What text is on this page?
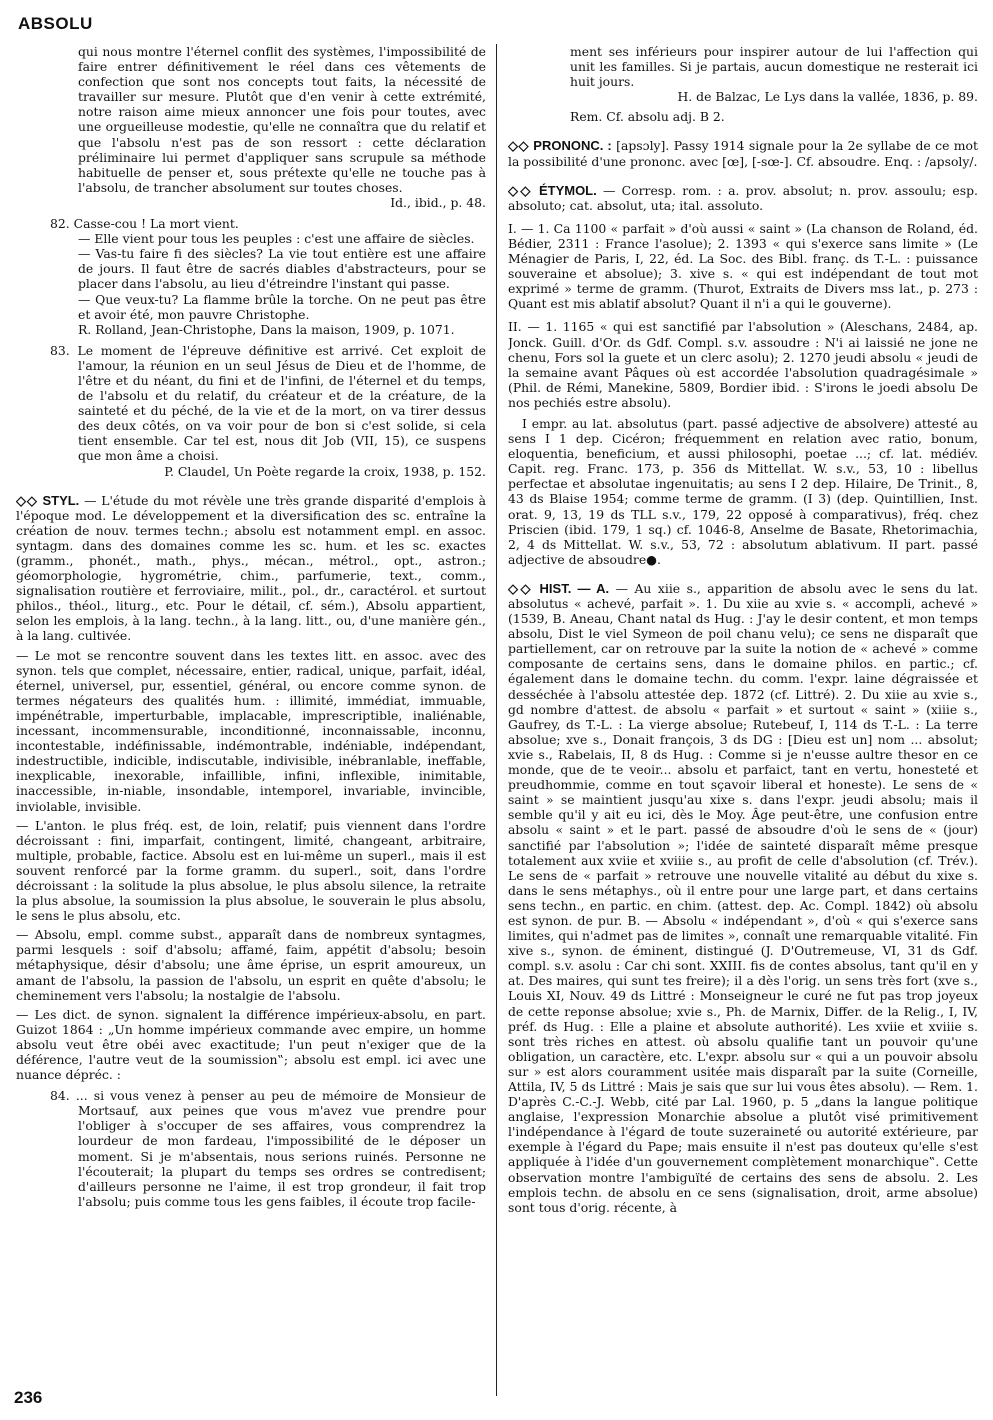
ABSOLU

qui nous montre l'éternel conflit des systèmes, l'impossibilité de faire entrer définitivement le réel dans ces vêtements de confection que sont nos concepts tout faits, la nécessité de travailler sur mesure. Plutôt que d'en venir à cette extrémité, notre raison aime mieux annoncer une fois pour toutes, avec une orgueilleuse modestie, qu'elle ne connaîtra que du relatif et que l'absolu n'est pas de son ressort : cette déclaration préliminaire lui permet d'appliquer sans scrupule sa méthode habituelle de penser et, sous prétexte qu'elle ne touche pas à l'absolu, de trancher absolument sur toutes choses.

Id., ibid., p. 48.

82. Casse-cou ! La mort vient.

— Elle vient pour tous les peuples : c'est une affaire de siècles.

— Vas-tu faire fi des siècles? La vie tout entière est une affaire de jours. Il faut être de sacrés diables d'abstracteurs, pour se placer dans l'absolu, au lieu d'étreindre l'instant qui passe.

— Que veux-tu? La flamme brûle la torche. On ne peut pas être et avoir été, mon pauvre Christophe.

R. Rolland, Jean-Christophe, Dans la maison, 1909, p. 1071.

83. Le moment de l'épreuve définitive est arrivé. Cet exploit de l'amour, la réunion en un seul Jésus de Dieu et de l'homme, de l'être et du néant, du fini et de l'infini, de l'éternel et du temps, de l'absolu et du relatif, du créateur et de la créature, de la sainteté et du péché, de la vie et de la mort, on va tirer dessus des deux côtés, on va voir pour de bon si c'est solide, si cela tient ensemble. Car tel est, nous dit Job (VII, 15), ce suspens que mon âme a choisi.

P. Claudel, Un Poète regarde la croix, 1938, p. 152.

◇◇ STYL. — L'étude du mot révèle une très grande disparité d'emplois à l'époque mod. Le développement et la diversification des sc. entraîne la création de nouv. termes techn.; absolu est notamment empl. en assoc. syntagm. dans des domaines comme les sc. hum. et les sc. exactes (gramm., phonét., math., phys., mécan., métrol., opt., astron.; géomorphologie, hygrométrie, chim., parfumerie, text., comm., signalisation routière et ferroviaire, milit., pol., dr., caractérol. et surtout philos., théol., liturg., etc. Pour le détail, cf. sém.), Absolu appartient, selon les emplois, à la lang. techn., à la lang. litt., ou, d'une manière gén., à la lang. cultivée.

— Le mot se rencontre souvent dans les textes litt. en assoc. avec des synon. tels que complet, nécessaire, entier, radical, unique, parfait, idéal, éternel, universel, pur, essentiel, général, ou encore comme synon. de termes négateurs des qualités hum. : illimité, immédiat, immuable, impénétrable, imperturbable, implacable, imprescriptible, inaliénable, incessant, incommensurable, inconditionné, inconnaissable, inconnu, incontestable, indéfinissable, indémontrable, indéniable, indépendant, indestructible, indicible, indiscutable, indivisible, inébranlable, ineffable, inexplicable, inexorable, infaillible, infini, inflexible, inimitable, inaccessible, in-niable, insondable, intemporel, invariable, invincible, inviolable, invisible.

— L'anton. le plus fréq. est, de loin, relatif; puis viennent dans l'ordre décroissant : fini, imparfait, contingent, limité, changeant, arbitraire, multiple, probable, factice. Absolu est en lui-même un superl., mais il est souvent renforcé par la forme gramm. du superl., soit, dans l'ordre décroissant : la solitude la plus absolue, le plus absolu silence, la retraite la plus absolue, la soumission la plus absolue, le souverain le plus absolu, le sens le plus absolu, etc.

— Absolu, empl. comme subst., apparaît dans de nombreux syntagmes, parmi lesquels : soif d'absolu; affamé, faim, appétit d'absolu; besoin métaphysique, désir d'absolu; une âme éprise, un esprit amoureux, un amant de l'absolu, la passion de l'absolu, un esprit en quête d'absolu; le cheminement vers l'absolu; la nostalgie de l'absolu.

— Les dict. de synon. signalent la différence impérieux-absolu, en part. Guizot 1864 : „Un homme impérieux commande avec empire, un homme absolu veut être obéi avec exactitude; l'un peut n'exiger que de la déférence, l'autre veut de la soumission‟; absolu est empl. ici avec une nuance dépréc. :

84. ... si vous venez à penser au peu de mémoire de Monsieur de Mortsauf, aux peines que vous m'avez vue prendre pour l'obliger à s'occuper de ses affaires, vous comprendrez la lourdeur de mon fardeau, l'impossibilité de le déposer un moment. Si je m'absentais, nous serions ruinés. Personne ne l'écouterait; la plupart du temps ses ordres se contredisent; d'ailleurs personne ne l'aime, il est trop grondeur, il fait trop l'absolu; puis comme tous les gens faibles, il écoute trop facile-

ment ses inférieurs pour inspirer autour de lui l'affection qui unit les familles. Si je partais, aucun domestique ne resterait ici huit jours.

H. de Balzac, Le Lys dans la vallée, 1836, p. 89.

Rem. Cf. absolu adj. B 2.

◇◇ PRONONC. : [apsɔly]. Passy 1914 signale pour la 2e syllabe de ce mot la possibilité d'une prononc. avec [œ], [-sœ-]. Cf. absoudre. Enq. : /apsoly/.

◇◇ ÉTYMOL. — Corresp. rom. : a. prov. absolut; n. prov. assoulu; esp. absoluto; cat. absolut, uta; ital. assoluto.

I. — 1. Ca 1100 « parfait » d'où aussi « saint » (La chanson de Roland, éd. Bédier, 2311 : France l'asolue); 2. 1393 « qui s'exerce sans limite » (Le Ménagier de Paris, I, 22, éd. La Soc. des Bibl. franç. ds T.-L. : puissance souveraine et absolue); 3. xive s. « qui est indépendant de tout mot exprimé » terme de gramm. (Thurot, Extraits de Divers mss lat., p. 273 : Quant est mis ablatif absolut? Quant il n'i a qui le gouverne).

II. — 1. 1165 « qui est sanctifié par l'absolution » (Aleschans, 2484, ap. Jonck. Guill. d'Or. ds Gdf. Compl. s.v. assoudre : N'i ai laissié ne jone ne chenu, Fors sol la guete et un clerc asolu); 2. 1270 jeudi absolu « jeudi de la semaine avant Pâques où est accordée l'absolution quadragésimale » (Phil. de Rémi, Manekine, 5809, Bordier ibid. : S'irons le joedi absolu De nos pechiés estre absolu).

I empr. au lat. absolutus (part. passé adjective de absolvere) attesté au sens I 1 dep. Cicéron; fréquemment en relation avec ratio, bonum, eloquentia, beneficium, et aussi philosophi, poetae ...; cf. lat. médiév. Capit. reg. Franc. 173, p. 356 ds Mittellat. W. s.v., 53, 10 : libellus perfectae et absolutae ingenuitatis; au sens I 2 dep. Hilaire, De Trinit., 8, 43 ds Blaise 1954; comme terme de gramm. (I 3) (dep. Quintillien, Inst. orat. 9, 13, 19 ds TLL s.v., 179, 22 opposé à comparativus), fréq. chez Priscien (ibid. 179, 1 sq.) cf. 1046-8, Anselme de Basate, Rhetorimachia, 2, 4 ds Mittellat. W. s.v., 53, 72 : absolutum ablativum. II part. passé adjective de absoudre●.

◇◇ HIST. — A. — Au xiie s., apparition de absolu avec le sens du lat. absolutus « achevé, parfait ». 1. Du xiie au xvie s. « accompli, achevé » (1539, B. Aneau, Chant natal ds Hug. : J'ay le desir content, et mon temps absolu, Dist le viel Symeon de poil chanu velu); ce sens ne disparaît que partiellement, car on retrouve par la suite la notion de « achevé » comme composante de certains sens, dans le domaine philos. en partic.; cf. également dans le domaine techn. du comm. l'expr. laine dégraissée et desséchée à l'absolu attestée dep. 1872 (cf. Littré). 2. Du xiie au xvie s., gd nombre d'attest. de absolu « parfait » et surtout « saint » (xiiie s., Gaufrey, ds T.-L. : La vierge absolue; Rutebeuf, I, 114 ds T.-L. : La terre absolue; xve s., Donait françois, 3 ds DG : [Dieu est un] nom ... absolut; xvie s., Rabelais, II, 8 ds Hug. : Comme si je n'eusse aultre thesor en ce monde, que de te veoir... absolu et parfaict, tant en vertu, honesteté et preudhommie, comme en tout sçavoir liberal et honeste). Le sens de « saint » se maintient jusqu'au xixe s. dans l'expr. jeudi absolu; mais il semble qu'il y ait eu ici, dès le Moy. Âge peut-être, une confusion entre absolu « saint » et le part. passé de absoudre d'où le sens de « (jour) sanctifié par l'absolution »; l'idée de sainteté disparaît même presque totalement aux xviie et xviiie s., au profit de celle d'absolution (cf. Trév.). Le sens de « parfait » retrouve une nouvelle vitalité au début du xixe s. dans le sens métaphys., où il entre pour une large part, et dans certains sens techn., en partic. en chim. (attest. dep. Ac. Compl. 1842) où absolu est synon. de pur. B. — Absolu « indépendant », d'où « qui s'exerce sans limites, qui n'admet pas de limites », connaît une remarquable vitalité. Fin xive s., synon. de éminent, distingué (J. D'Outremeuse, VI, 31 ds Gdf. compl. s.v. asolu : Car chi sont. XXIII. fis de contes absolus, tant qu'il en y at. Des maires, qui sunt tes freire); il a dès l'orig. un sens très fort (xve s., Louis XI, Nouv. 49 ds Littré : Monseigneur le curé ne fut pas trop joyeux de cette reponse absolue; xvie s., Ph. de Marnix, Differ. de la Relig., I, IV, préf. ds Hug. : Elle a plaine et absolute authorité). Les xviie et xviiie s. sont très riches en attest. où absolu qualifie tant un pouvoir qu'une obligation, un caractère, etc. L'expr. absolu sur « qui a un pouvoir absolu sur » est alors couramment usitée mais disparaît par la suite (Corneille, Attila, IV, 5 ds Littré : Mais je sais que sur lui vous êtes absolu). — Rem. 1. D'après C.-C.-J. Webb, cité par Lal. 1960, p. 5 „dans la langue politique anglaise, l'expression Monarchie absolue a plutôt visé primitivement l'indépendance à l'égard de toute suzeraineté ou autorité extérieure, par exemple à l'égard du Pape; mais ensuite il n'est pas douteux qu'elle s'est appliquée à l'idée d'un gouvernement complètement monarchique‟. Cette observation montre l'ambiguïté de certains des sens de absolu. 2. Les emplois techn. de absolu en ce sens (signalisation, droit, arme absolue) sont tous d'orig. récente, à

236
